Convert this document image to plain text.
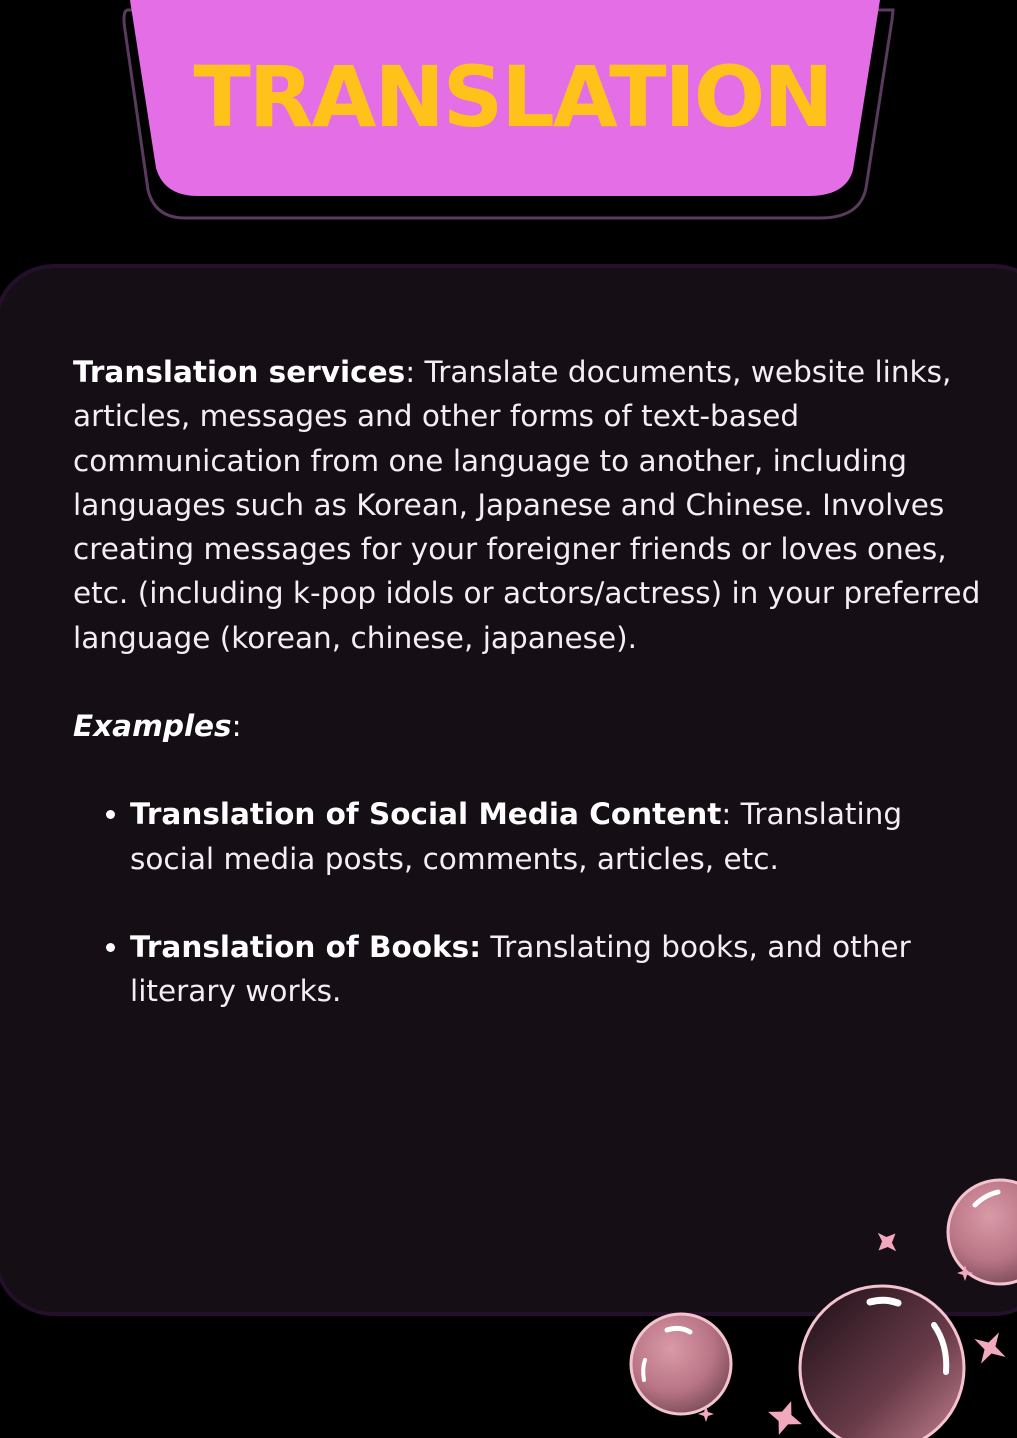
TRANSLATION

Translation services: Translate documents, website links, articles, messages and other forms of text-based communication from one language to another, including languages such as Korean, Japanese and Chinese. Involves creating messages for your foreigner friends or loves ones, etc. (including k-pop idols or actors/actress) in your preferred language (korean, chinese, japanese).

Examples:

Translation of Social Media Content: Translating social media posts, comments, articles, etc.
Translation of Books: Translating books, and other literary works.
